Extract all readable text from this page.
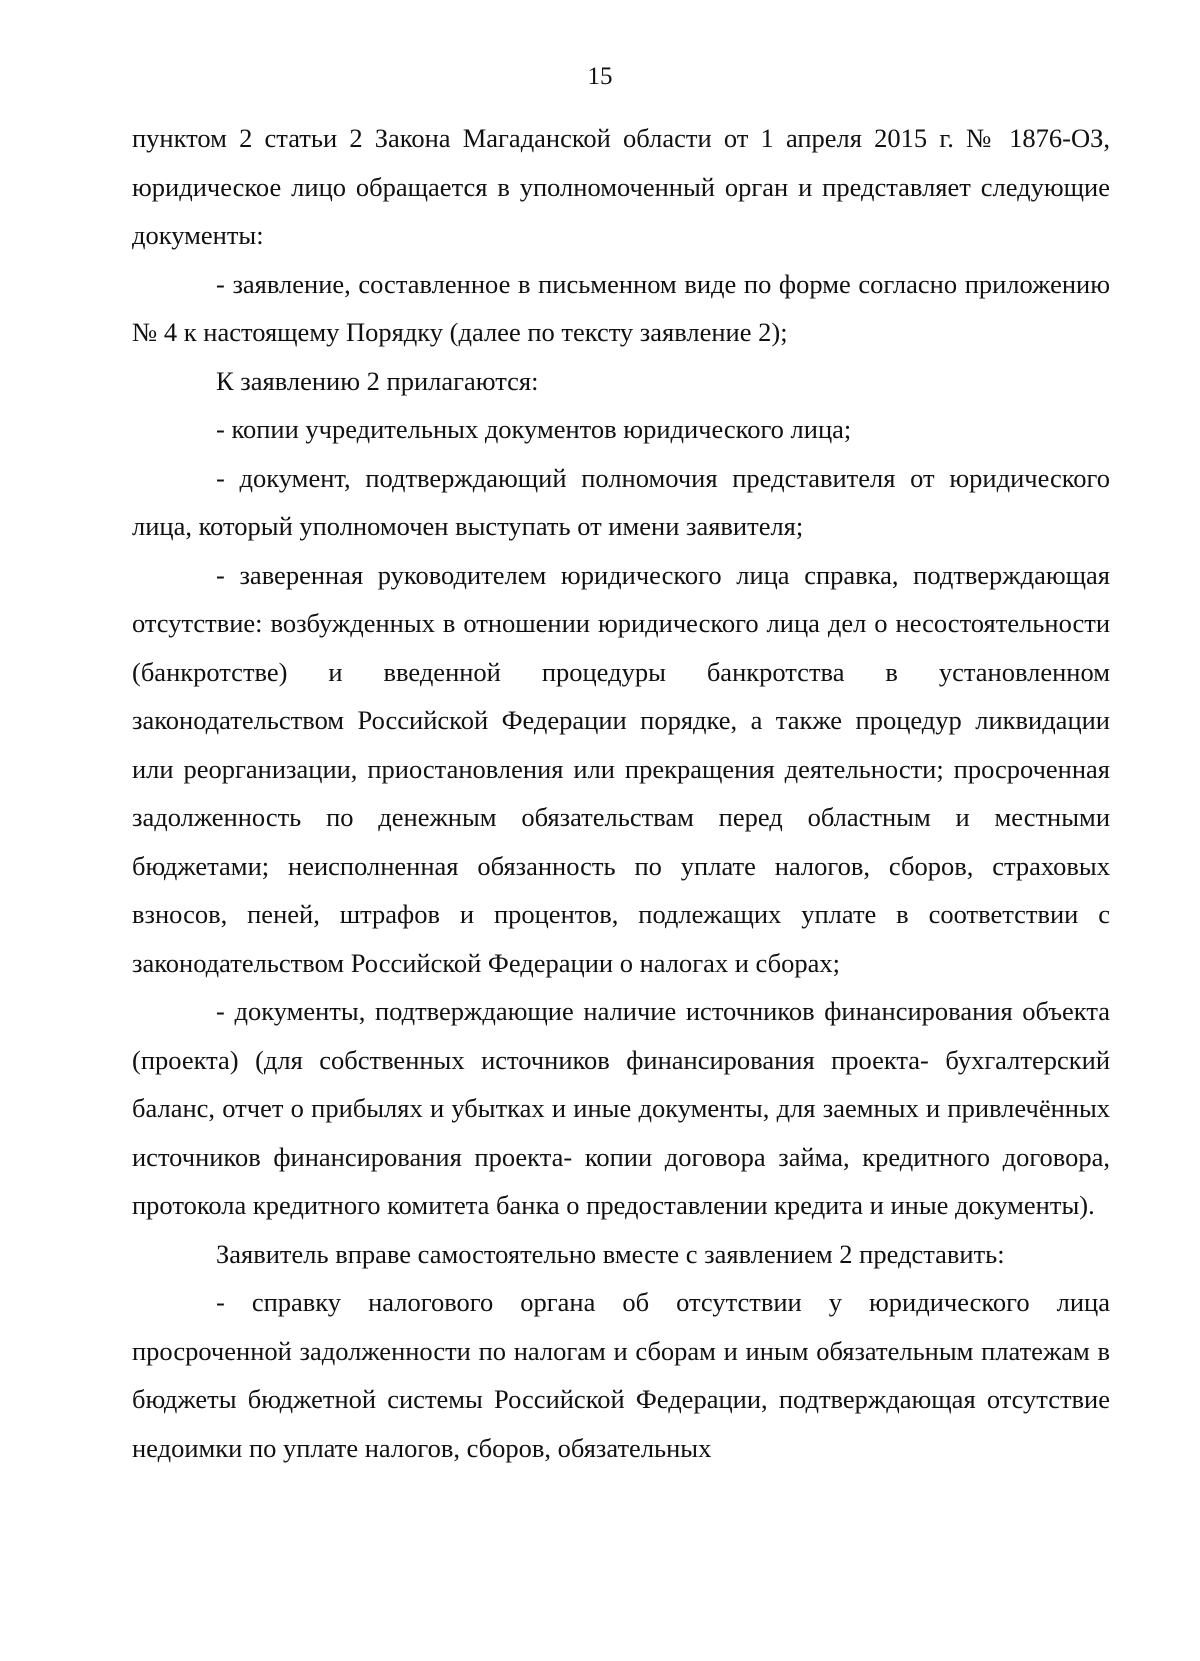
15

пунктом 2 статьи 2 Закона Магаданской области от 1 апреля 2015 г. № 1876-ОЗ, юридическое лицо обращается в уполномоченный орган и представляет следующие документы:

- заявление, составленное в письменном виде по форме согласно приложению № 4 к настоящему Порядку (далее по тексту заявление 2);

К заявлению 2 прилагаются:

- копии учредительных документов юридического лица;

- документ, подтверждающий полномочия представителя от юридического лица, который уполномочен выступать от имени заявителя;

- заверенная руководителем юридического лица справка, подтверждающая отсутствие: возбужденных в отношении юридического лица дел о несостоятельности (банкротстве) и введенной процедуры банкротства в установленном законодательством Российской Федерации порядке, а также процедур ликвидации или реорганизации, приостановления или прекращения деятельности; просроченная задолженность по денежным обязательствам перед областным и местными бюджетами; неисполненная обязанность по уплате налогов, сборов, страховых взносов, пеней, штрафов и процентов, подлежащих уплате в соответствии с законодательством Российской Федерации о налогах и сборах;

- документы, подтверждающие наличие источников финансирования объекта (проекта) (для собственных источников финансирования проекта- бухгалтерский баланс, отчет о прибылях и убытках и иные документы, для заемных и привлечённых источников финансирования проекта- копии договора займа, кредитного договора, протокола кредитного комитета банка о предоставлении кредита и иные документы).

Заявитель вправе самостоятельно вместе с заявлением 2 представить:

- справку налогового органа об отсутствии у юридического лица просроченной задолженности по налогам и сборам и иным обязательным платежам в бюджеты бюджетной системы Российской Федерации, подтверждающая отсутствие недоимки по уплате налогов, сборов, обязательных
